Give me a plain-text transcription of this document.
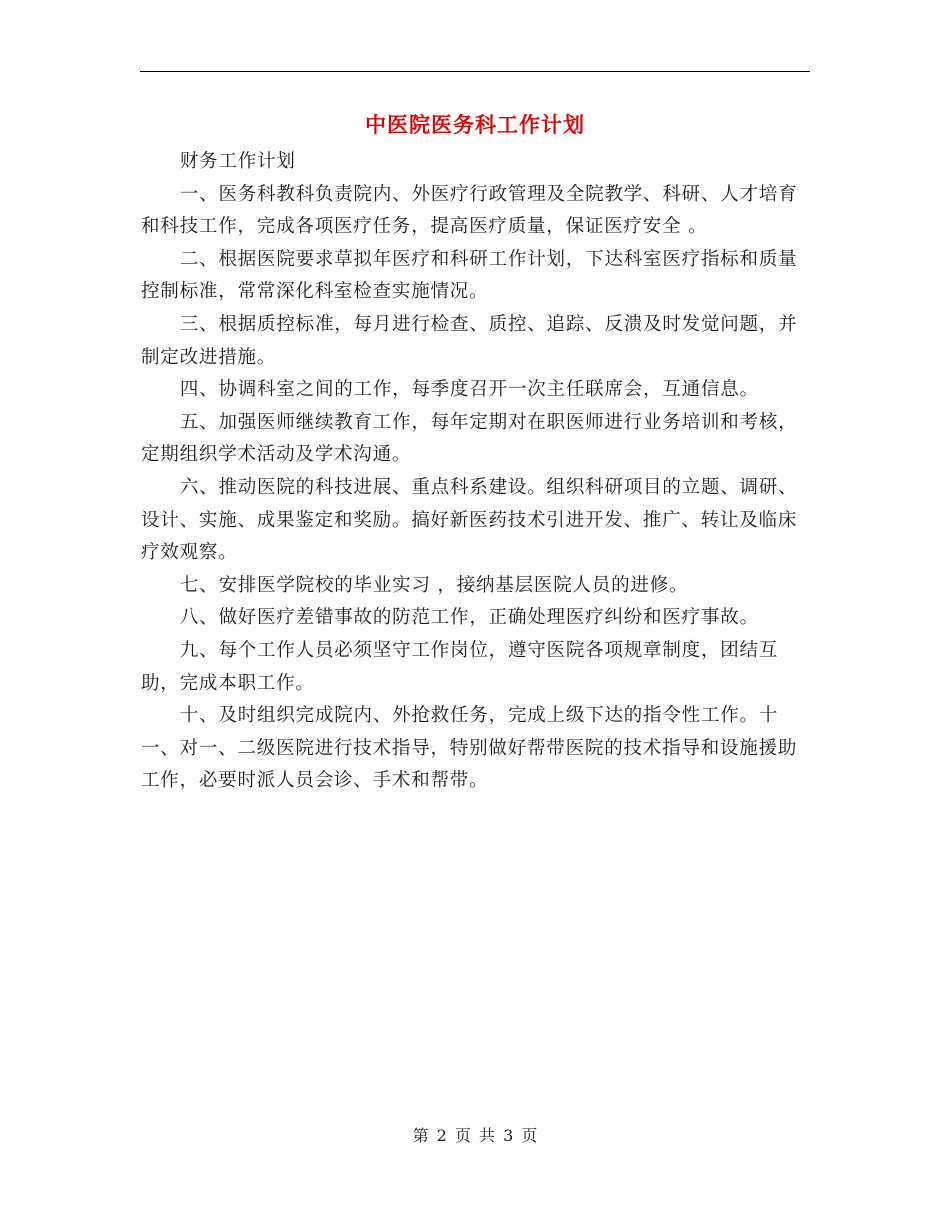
中医院医务科工作计划

财务工作计划

一、医务科教科负责院内、外医疗行政管理及全院教学、科研、人才培育和科技工作，完成各项医疗任务，提高医疗质量，保证医疗安全 。

二、根据医院要求草拟年医疗和科研工作计划，下达科室医疗指标和质量控制标准，常常深化科室检查实施情况。

三、根据质控标准，每月进行检查、质控、追踪、反溃及时发觉问题，并制定改进措施。

四、协调科室之间的工作，每季度召开一次主任联席会，互通信息。

五、加强医师继续教育工作，每年定期对在职医师进行业务培训和考核，定期组织学术活动及学术沟通。

六、推动医院的科技进展、重点科系建设。组织科研项目的立题、调研、设计、实施、成果鉴定和奖励。搞好新医药技术引进开发、推广、转让及临床疗效观察。

七、安排医学院校的毕业实习 ，接纳基层医院人员的进修。

八、做好医疗差错事故的防范工作，正确处理医疗纠纷和医疗事故。

九、每个工作人员必须坚守工作岗位，遵守医院各项规章制度，团结互助，完成本职工作。

十、及时组织完成院内、外抢救任务，完成上级下达的指令性工作。十一、对一、二级医院进行技术指导，特别做好帮带医院的技术指导和设施援助工作，必要时派人员会诊、手术和帮带。

第 2 页 共 3 页
